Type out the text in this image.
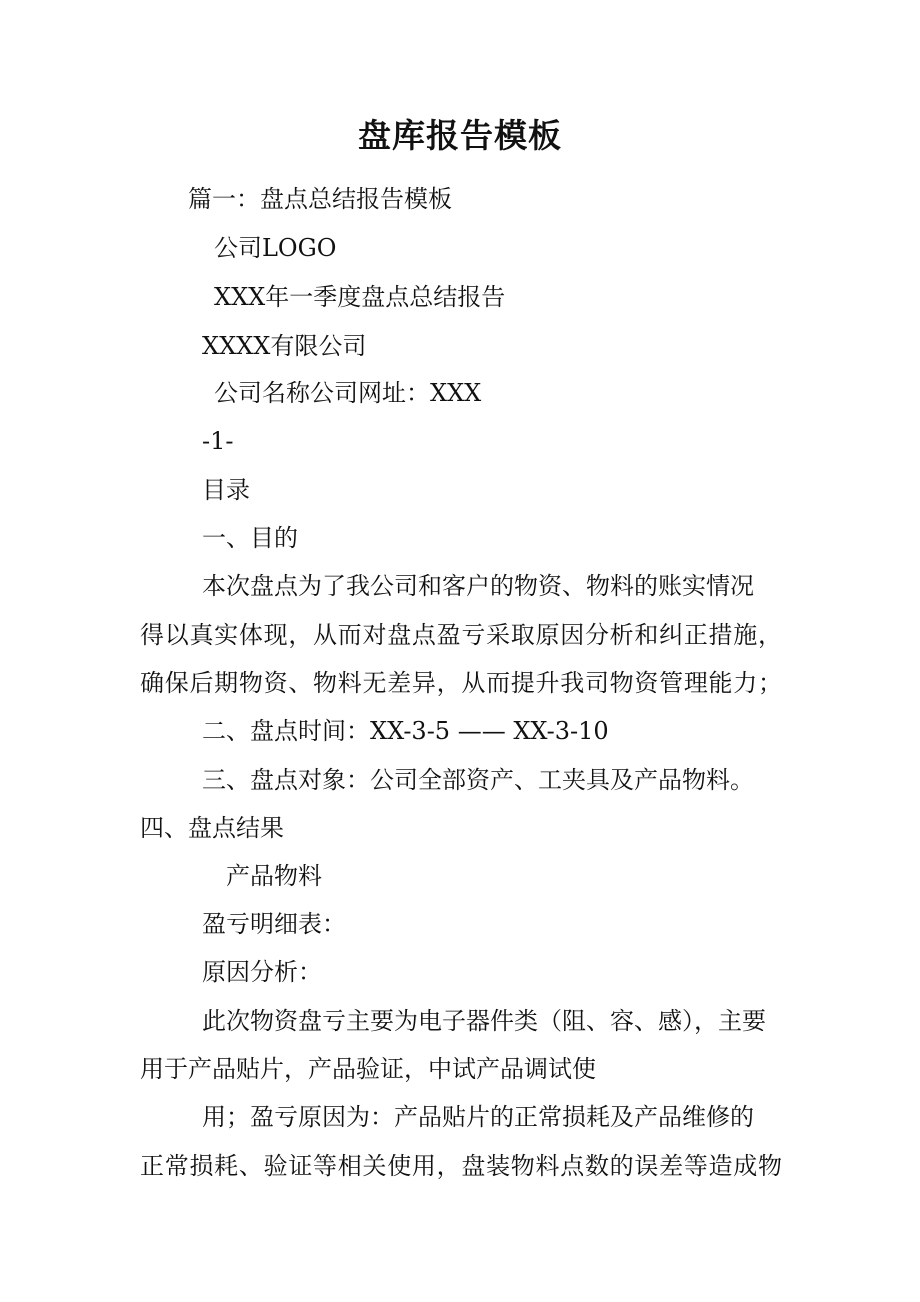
盘库报告模板
篇一：盘点总结报告模板
公司LOGO
XXX年一季度盘点总结报告
XXXX有限公司
公司名称公司网址：XXX
-1-
目录
一、目的
本次盘点为了我公司和客户的物资、物料的账实情况
得以真实体现，从而对盘点盈亏采取原因分析和纠正措施，
确保后期物资、物料无差异，从而提升我司物资管理能力；
二、盘点时间：XX-3-5 —— XX-3-10
三、盘点对象：公司全部资产、工夹具及产品物料。
四、盘点结果
产品物料
盈亏明细表：
原因分析：
此次物资盘亏主要为电子器件类（阻、容、感），主要
用于产品贴片，产品验证，中试产品调试使
用；盈亏原因为：产品贴片的正常损耗及产品维修的
正常损耗、验证等相关使用，盘装物料点数的误差等造成物
